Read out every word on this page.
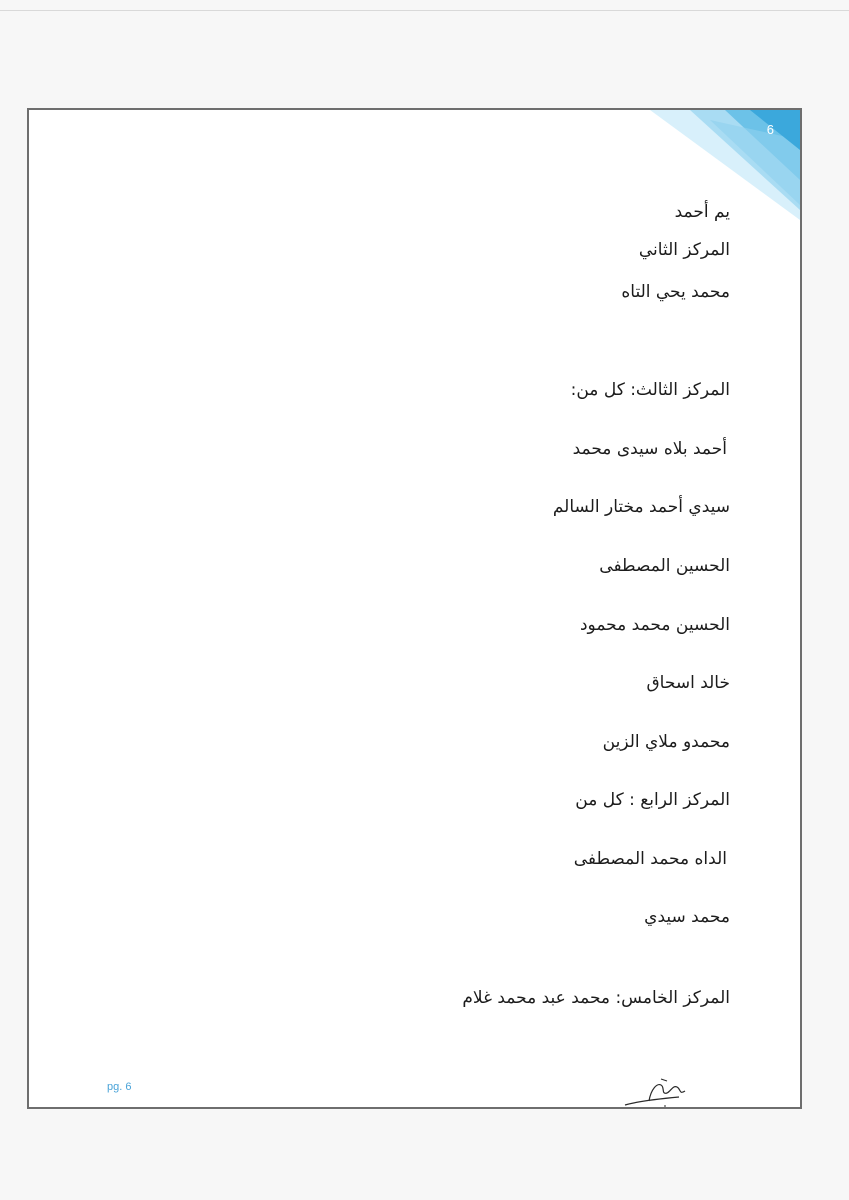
6
يم أحمد
المركز الثاني
محمد يحي التاه
المركز الثالث: كل من:
أحمد بلاه سيدى محمد
سيدي أحمد مختار السالم
الحسين المصطفى
الحسين محمد محمود
خالد اسحاق
محمدو ملاي الزين
المركز الرابع : كل من
الداه محمد المصطفى
محمد سيدي
المركز الخامس: محمد عبد محمد غلام
pg. 6
